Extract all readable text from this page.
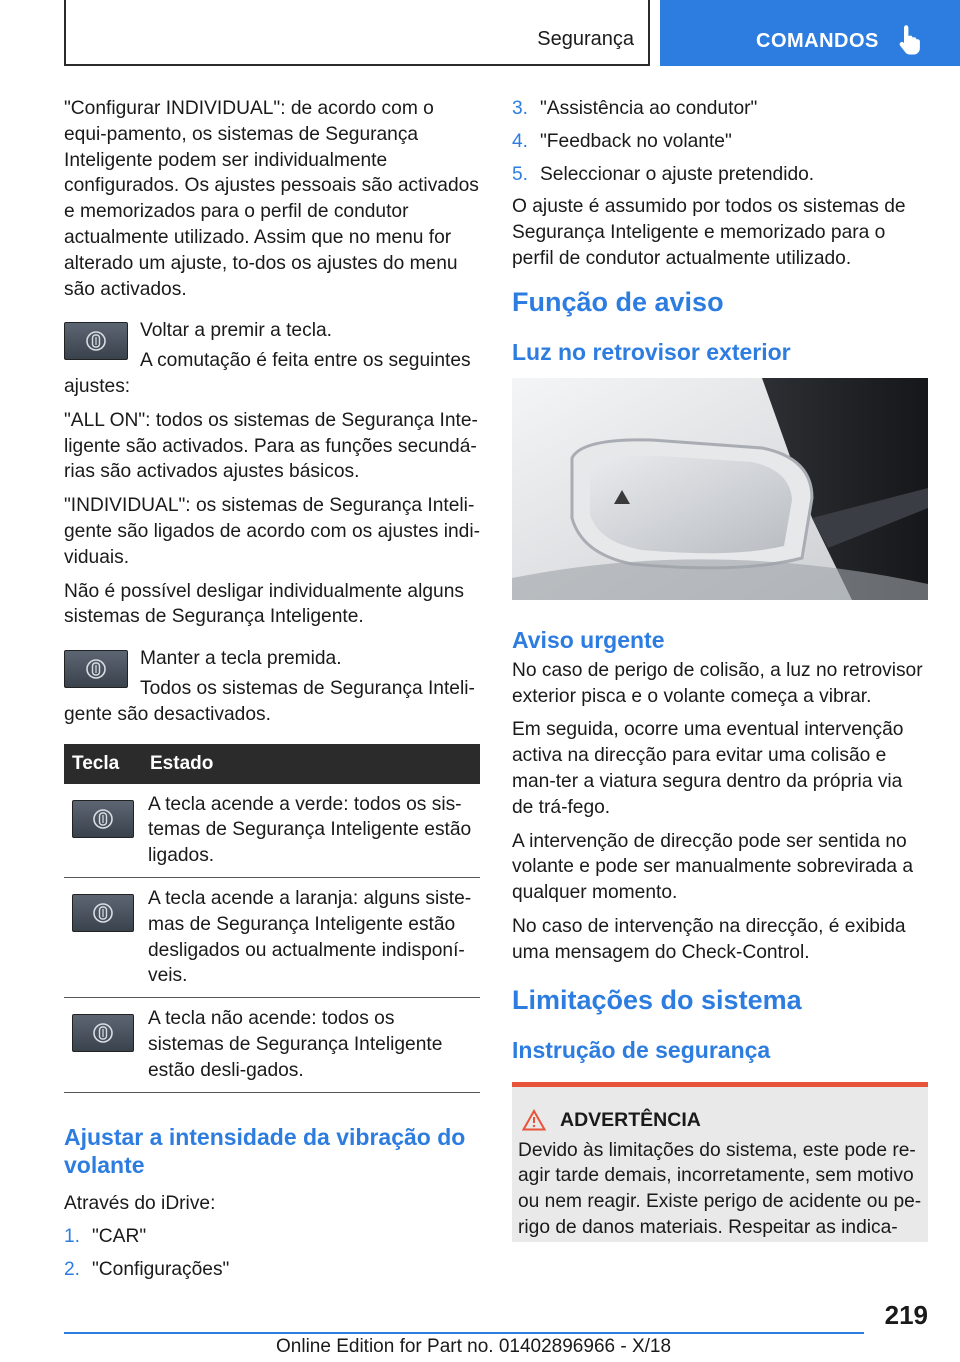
Segurança	COMANDOS

"Configurar INDIVIDUAL": de acordo com o equi-pamento, os sistemas de Segurança Inteligente podem ser individualmente configurados. Os ajustes pessoais são activados e memorizados para o perfil de condutor actualmente utilizado. Assim que no menu for alterado um ajuste, to-dos os ajustes do menu são activados.

Voltar a premir a tecla.

A comutação é feita entre os seguintes ajustes:

"ALL ON": todos os sistemas de Segurança Inte-ligente são activados. Para as funções secundá-rias são activados ajustes básicos.

"INDIVIDUAL": os sistemas de Segurança Inteli-gente são ligados de acordo com os ajustes indi-viduais.

Não é possível desligar individualmente alguns sistemas de Segurança Inteligente.

Manter a tecla premida.

Todos os sistemas de Segurança Inteli-gente são desactivados.

Tecla	Estado

	A tecla acende a verde: todos os sis-temas de Segurança Inteligente estão ligados.

	A tecla acende a laranja: alguns siste-mas de Segurança Inteligente estão desligados ou actualmente indisponí-veis.

	A tecla não acende: todos os sistemas de Segurança Inteligente estão desli-gados.
Ajustar a intensidade da vibração do volante

Através do iDrive:

1. "CAR"
2. "Configurações"
3. "Assistência ao condutor"
4. "Feedback no volante"
5. Seleccionar o ajuste pretendido.

O ajuste é assumido por todos os sistemas de Segurança Inteligente e memorizado para o perfil de condutor actualmente utilizado.

Função de aviso
Luz no retrovisor exterior
Aviso urgente

No caso de perigo de colisão, a luz no retrovisor exterior pisca e o volante começa a vibrar.

Em seguida, ocorre uma eventual intervenção activa na direcção para evitar uma colisão e man-ter a viatura segura dentro da própria via de trá-fego.

A intervenção de direcção pode ser sentida no volante e pode ser manualmente sobrevirada a qualquer momento.

No caso de intervenção na direcção, é exibida uma mensagem do Check-Control.

Limitações do sistema
Instrução de segurança
ADVERTÊNCIA

Devido às limitações do sistema, este pode re-agir tarde demais, incorretamente, sem motivo ou nem reagir. Existe perigo de acidente ou pe-rigo de danos materiais. Respeitar as indica-

219
Online Edition for Part no. 01402896966 - X/18
